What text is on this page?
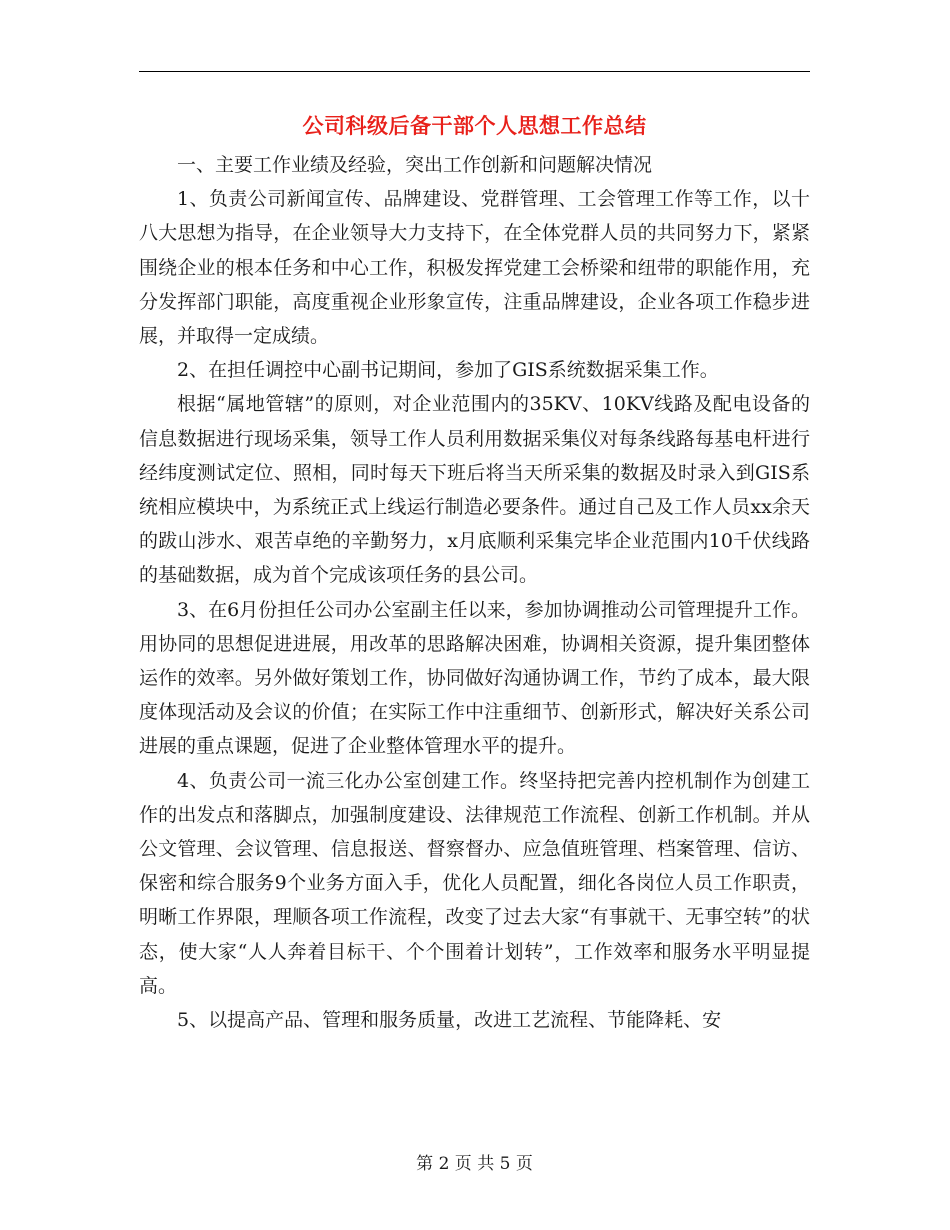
公司科级后备干部个人思想工作总结

一、主要工作业绩及经验，突出工作创新和问题解决情况

1、负责公司新闻宣传、品牌建设、党群管理、工会管理工作等工作，以十八大思想为指导，在企业领导大力支持下，在全体党群人员的共同努力下，紧紧围绕企业的根本任务和中心工作，积极发挥党建工会桥梁和纽带的职能作用，充分发挥部门职能，高度重视企业形象宣传，注重品牌建设，企业各项工作稳步进展，并取得一定成绩。

2、在担任调控中心副书记期间，参加了GIS系统数据采集工作。

根据“属地管辖”的原则，对企业范围内的35KV、10KV线路及配电设备的信息数据进行现场采集，领导工作人员利用数据采集仪对每条线路每基电杆进行经纬度测试定位、照相，同时每天下班后将当天所采集的数据及时录入到GIS系统相应模块中，为系统正式上线运行制造必要条件。通过自己及工作人员xx余天的跋山涉水、艰苦卓绝的辛勤努力，x月底顺利采集完毕企业范围内10千伏线路的基础数据，成为首个完成该项任务的县公司。

3、在6月份担任公司办公室副主任以来，参加协调推动公司管理提升工作。用协同的思想促进进展，用改革的思路解决困难，协调相关资源，提升集团整体运作的效率。另外做好策划工作，协同做好沟通协调工作，节约了成本，最大限度体现活动及会议的价值；在实际工作中注重细节、创新形式，解决好关系公司进展的重点课题，促进了企业整体管理水平的提升。

4、负责公司一流三化办公室创建工作。终坚持把完善内控机制作为创建工作的出发点和落脚点，加强制度建设、法律规范工作流程、创新工作机制。并从公文管理、会议管理、信息报送、督察督办、应急值班管理、档案管理、信访、保密和综合服务9个业务方面入手，优化人员配置，细化各岗位人员工作职责，明晰工作界限，理顺各项工作流程，改变了过去大家“有事就干、无事空转”的状态，使大家“人人奔着目标干、个个围着计划转”，工作效率和服务水平明显提高。

5、以提高产品、管理和服务质量，改进工艺流程、节能降耗、安

第 2 页 共 5 页
